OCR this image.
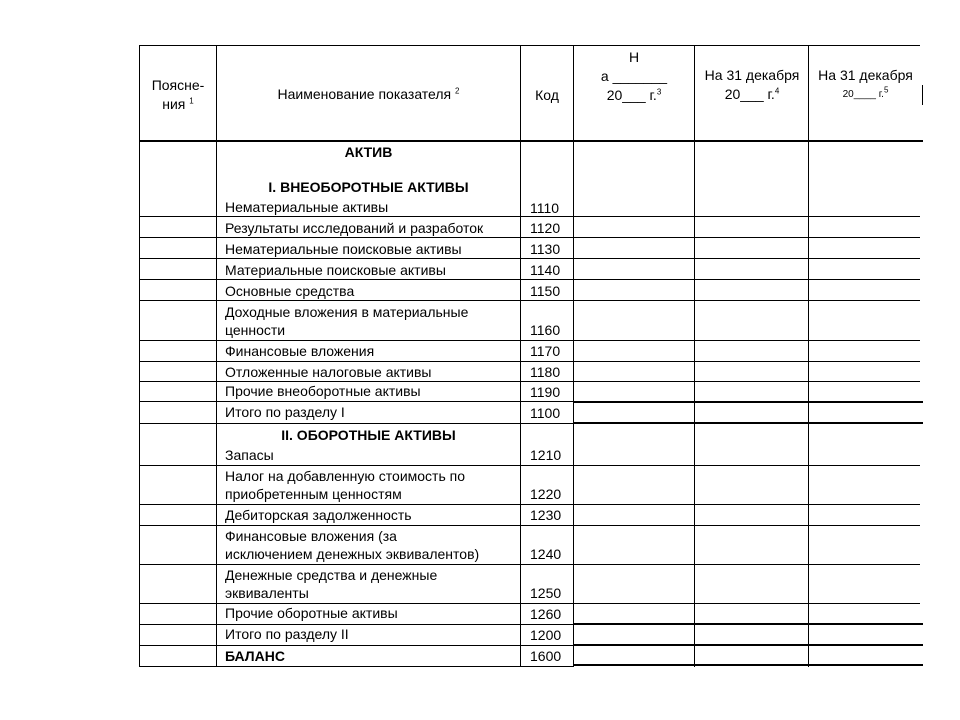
Поясне-
ния $^1$	Наименование показателя $^2$	Код
Н
а _______
20___ г.$^3$
На 31 декабря
20___ г.$^4$
На 31 декабря
20____ г.$^5$
АКТИВ
I. ВНЕОБОРОТНЫЕ АКТИВЫ
II. ОБОРОТНЫЕ АКТИВЫ
Нематериальные активы
Результаты исследований и разработок
Нематериальные поисковые активы
Материальные поисковые активы
Основные средства
Доходные вложения в материальные
ценности
Финансовые вложения
Отложенные налоговые активы
Прочие внеоборотные активы
Итого по разделу I
Запасы
Налог на добавленную стоимость по
приобретенным ценностям
Дебиторская задолженность
Финансовые вложения (за
исключением денежных эквивалентов)
Денежные средства и денежные
эквиваленты
Прочие оборотные активы
Итого по разделу II
БАЛАНС
1110
1120
1130
1140
1150
1160
1170
1180
1190
1100
1210
1220
1230
1240
1250
1260
1200
1600
